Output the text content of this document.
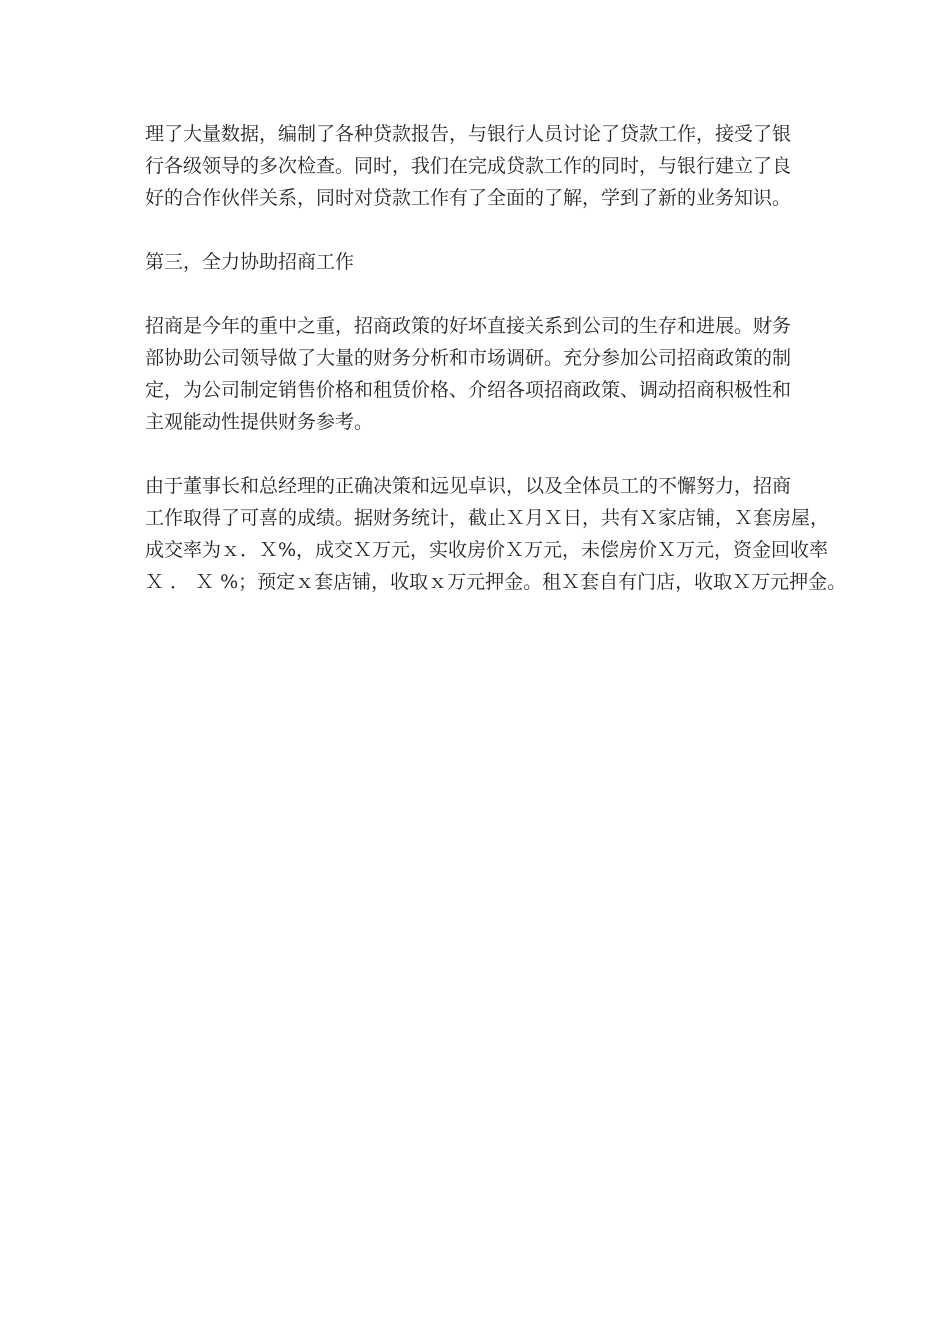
理了大量数据，编制了各种贷款报告，与银行人员讨论了贷款工作，接受了银
行各级领导的多次检查。同时，我们在完成贷款工作的同时，与银行建立了良
好的合作伙伴关系，同时对贷款工作有了全面的了解，学到了新的业务知识。
第三，全力协助招商工作
招商是今年的重中之重，招商政策的好坏直接关系到公司的生存和进展。财务
部协助公司领导做了大量的财务分析和市场调研。充分参加公司招商政策的制
定，为公司制定销售价格和租赁价格、介绍各项招商政策、调动招商积极性和
主观能动性提供财务参考。
由于董事长和总经理的正确决策和远见卓识，以及全体员工的不懈努力，招商
工作取得了可喜的成绩。据财务统计，截止Ｘ月Ｘ日，共有Ｘ家店铺，Ｘ套房屋，
成交率为ｘ．Ｘ%，成交Ｘ万元，实收房价Ｘ万元，未偿房价Ｘ万元，资金回收率
Ｘ ． Ｘ %；预定ｘ套店铺，收取ｘ万元押金。租Ｘ套自有门店，收取Ｘ万元押金。
